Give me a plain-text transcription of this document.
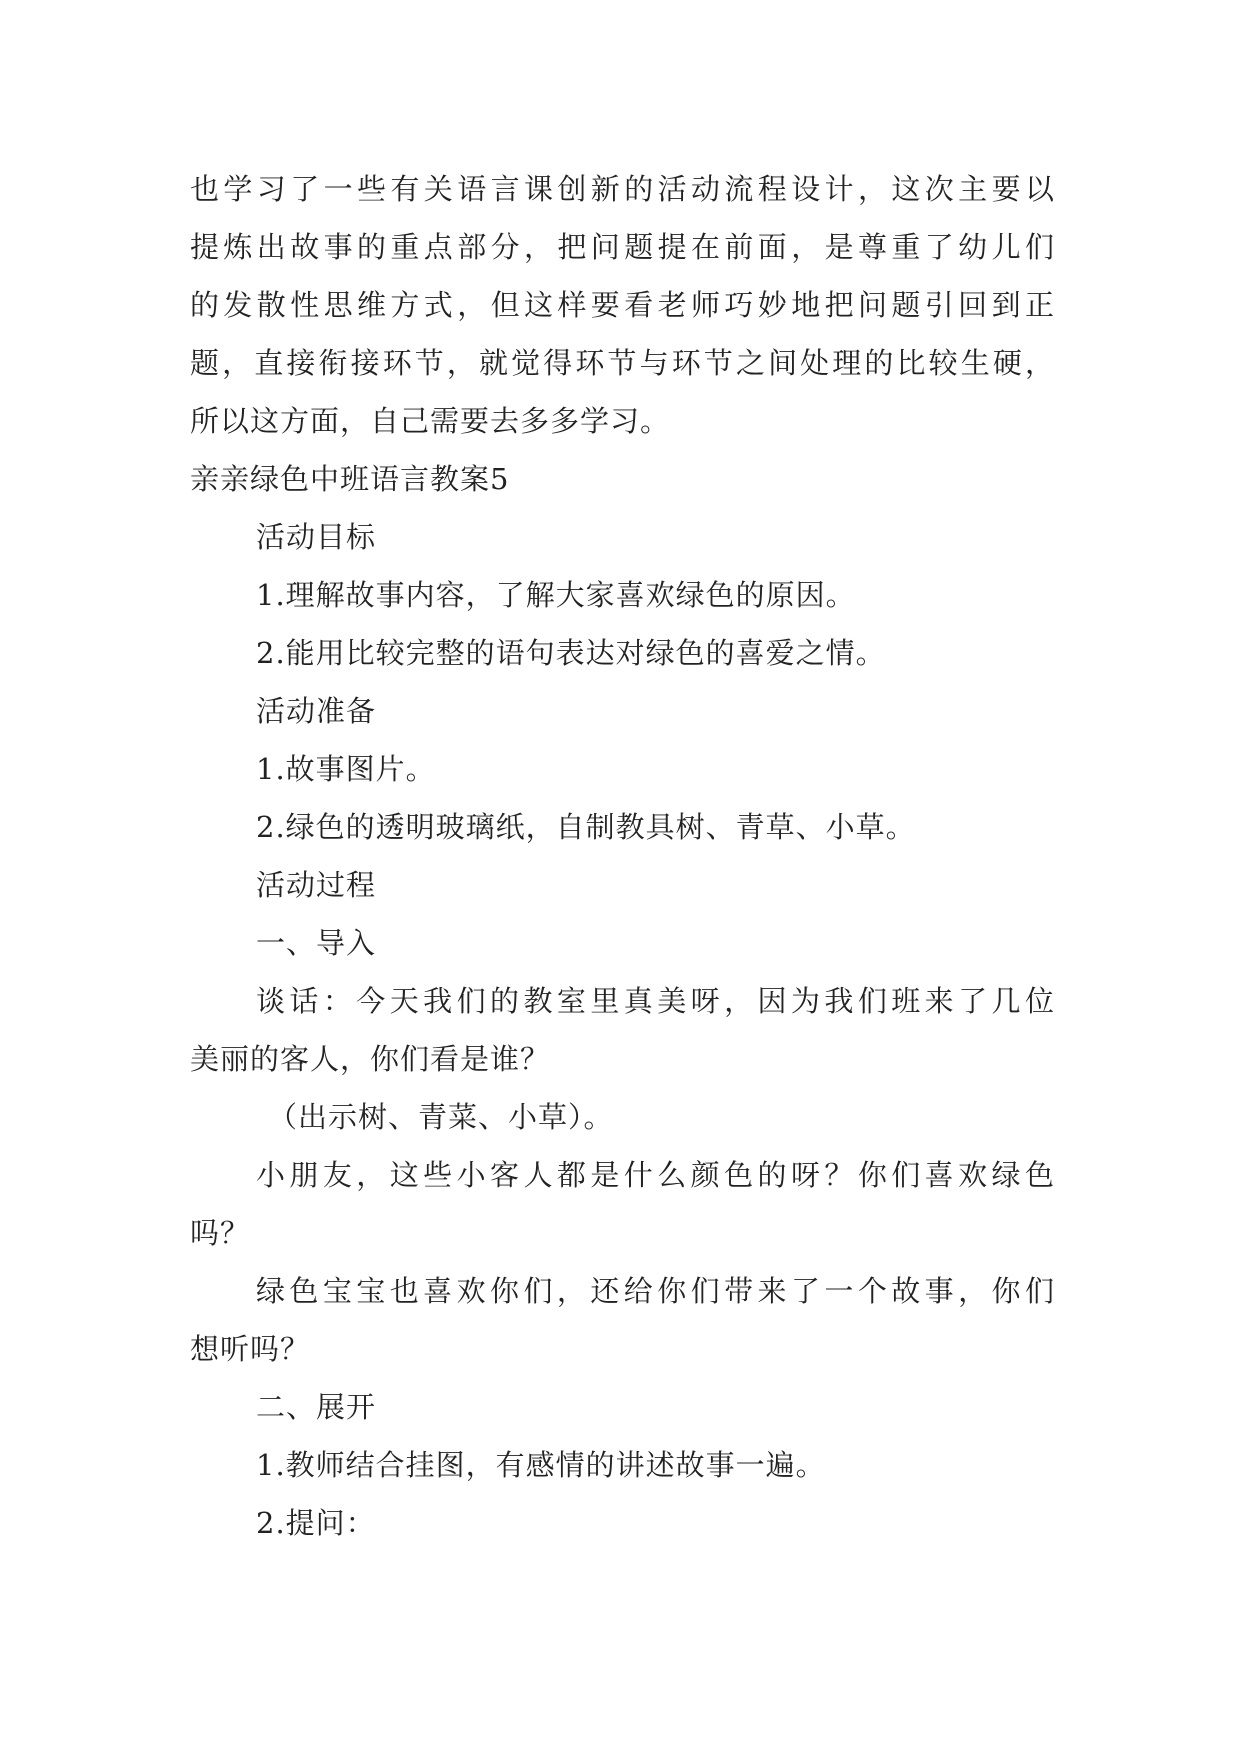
也学习了一些有关语言课创新的活动流程设计，这次主要以
提炼出故事的重点部分，把问题提在前面，是尊重了幼儿们
的发散性思维方式，但这样要看老师巧妙地把问题引回到正
题，直接衔接环节，就觉得环节与环节之间处理的比较生硬，
所以这方面，自己需要去多多学习。
亲亲绿色中班语言教案5
活动目标
1.理解故事内容，了解大家喜欢绿色的原因。
2.能用比较完整的语句表达对绿色的喜爱之情。
活动准备
1.故事图片。
2.绿色的透明玻璃纸，自制教具树、青草、小草。
活动过程
一、导入
谈话：今天我们的教室里真美呀，因为我们班来了几位
美丽的客人，你们看是谁？
（出示树、青菜、小草）。
小朋友，这些小客人都是什么颜色的呀？你们喜欢绿色
吗？
绿色宝宝也喜欢你们，还给你们带来了一个故事，你们
想听吗？
二、展开
1.教师结合挂图，有感情的讲述故事一遍。
2.提问：
